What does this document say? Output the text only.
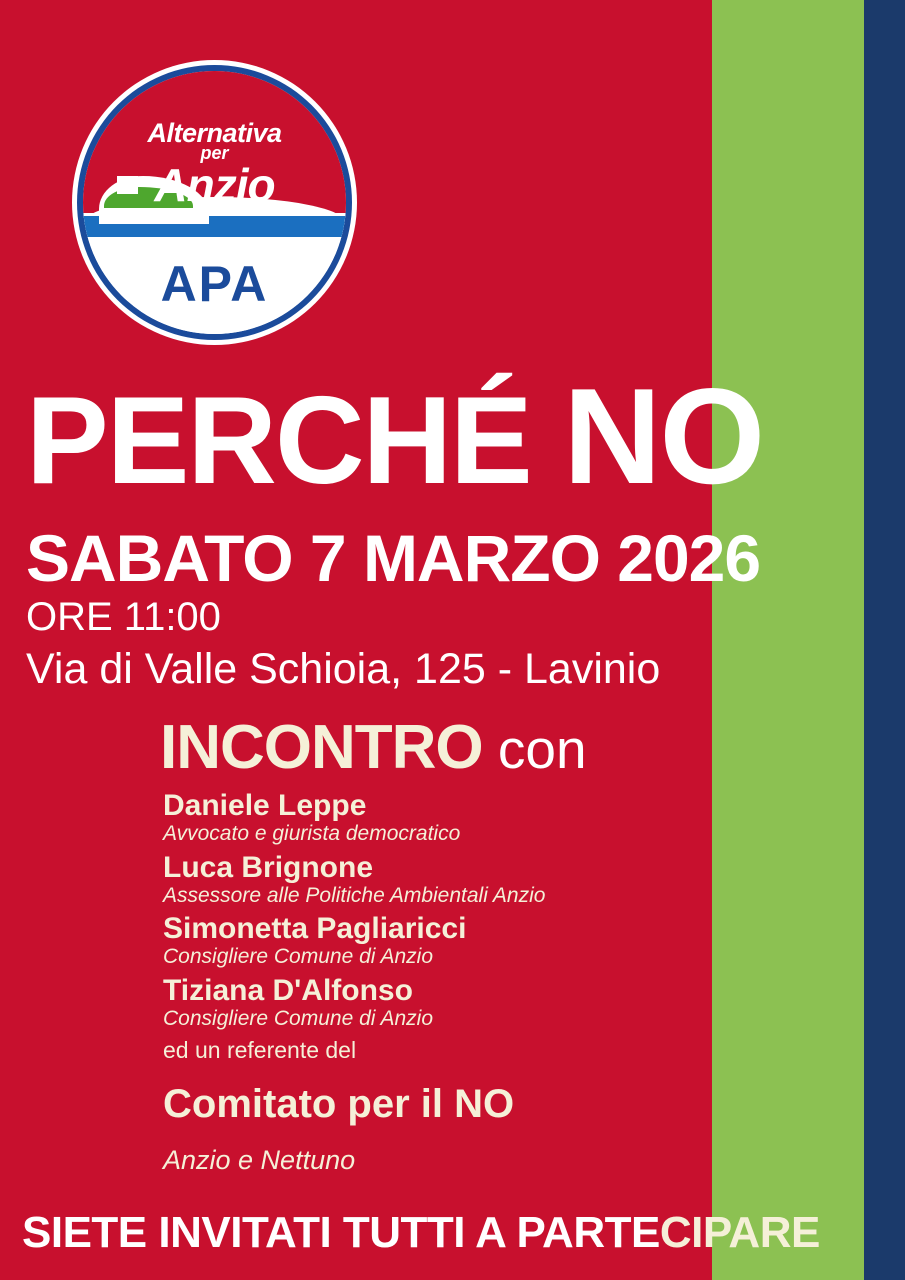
Alternativa
per
Anzio
APA
PERCHÉ NO
SABATO 7 MARZO 2026
ORE 11:00
Via di Valle Schioia, 125 - Lavinio
INCONTRO con
Daniele Leppe
Avvocato e giurista democratico
Luca Brignone
Assessore alle Politiche Ambientali Anzio
Simonetta Pagliaricci
Consigliere Comune di Anzio
Tiziana D'Alfonso
Consigliere Comune di Anzio
ed un referente del
Comitato per il NO
Anzio e Nettuno
SIETE INVITATI TUTTI A PARTECIPARE
